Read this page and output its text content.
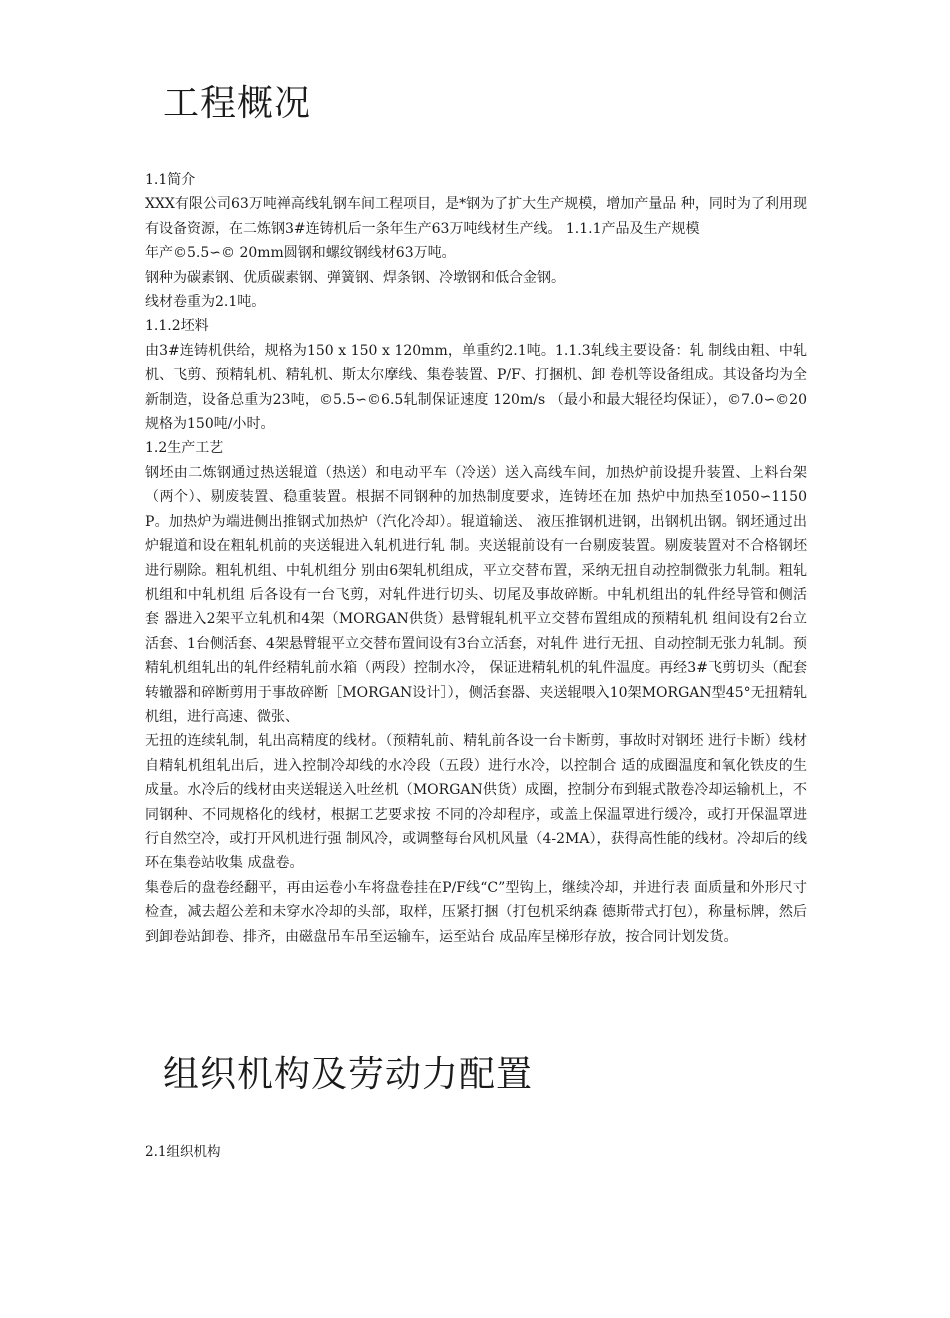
工程概况

1.1简介

XXX有限公司63万吨禅高线轧钢车间工程项目，是*钢为了扩大生产规模，增加产量品 种，同时为了利用现有设备资源，在二炼钢3#连铸机后一条年生产63万吨线材生产线。 1.1.1产品及生产规模

年产©5.5∽© 20mm圆钢和螺纹钢线材63万吨。

钢种为碳素钢、优质碳素钢、弹簧钢、焊条钢、冷墩钢和低合金钢。

线材卷重为2.1吨。

1.1.2坯料

由3#连铸机供给，规格为150 x 150 x 120mm，单重约2.1吨。1.1.3轧线主要设备：轧 制线由粗、中轧机、飞剪、预精轧机、精轧机、斯太尔摩线、集卷装置、P/F、打捆机、卸 卷机等设备组成。其设备均为全新制造，设备总重为23吨，©5.5∽©6.5轧制保证速度 120m/s （最小和最大辊径均保证），©7.0∽©20规格为150吨/小时。

1.2生产工艺

钢坯由二炼钢通过热送辊道（热送）和电动平车（冷送）送入高线车间，加热炉前设提升装置、上料台架（两个）、剔废装置、稳重装置。根据不同钢种的加热制度要求，连铸坯在加 热炉中加热至1050∽1150P。加热炉为端进侧出推钢式加热炉（汽化冷却）。辊道输送、 液压推钢机进钢，出钢机出钢。钢坯通过出炉辊道和设在粗轧机前的夹送辊进入轧机进行轧 制。夹送辊前设有一台剔废装置。剔废装置对不合格钢坯进行剔除。粗轧机组、中轧机组分 别由6架轧机组成，平立交替布置，采纳无扭自动控制微张力轧制。粗轧机组和中轧机组 后各设有一台飞剪，对轧件进行切头、切尾及事故碎断。中轧机组出的轧件经导管和侧活套 器进入2架平立轧机和4架（MORGAN供货）悬臂辊轧机平立交替布置组成的预精轧机 组间设有2台立活套、1台侧活套、4架悬臂辊平立交替布置间设有3台立活套，对轧件 进行无扭、自动控制无张力轧制。预精轧机组轧出的轧件经精轧前水箱（两段）控制水冷， 保证进精轧机的轧件温度。再经3#飞剪切头（配套转辙器和碎断剪用于事故碎断［MORGAN设计］），侧活套器、夹送辊喂入10架MORGAN型45°无扭精轧机组，进行高速、微张、

无扭的连续轧制，轧出高精度的线材。（预精轧前、精轧前各设一台卡断剪，事故时对钢坯 进行卡断）线材自精轧机组轧出后，进入控制冷却线的水冷段（五段）进行水冷，以控制合 适的成圈温度和氧化铁皮的生成量。水冷后的线材由夹送辊送入吐丝机（MORGAN供货）成圈，控制分布到辊式散卷冷却运输机上，不同钢种、不同规格化的线材，根据工艺要求按 不同的冷却程序，或盖上保温罩进行缓冷，或打开保温罩进行自然空冷，或打开风机进行强 制风冷，或调整每台风机风量（4-2MA），获得高性能的线材。冷却后的线环在集卷站收集 成盘卷。

集卷后的盘卷经翻平，再由运卷小车将盘卷挂在P/F线“C”型钩上，继续冷却，并进行表 面质量和外形尺寸检查，减去超公差和未穿水冷却的头部，取样，压紧打捆（打包机采纳森 德斯带式打包），称量标牌，然后到卸卷站卸卷、排齐，由磁盘吊车吊至运输车，运至站台 成品库呈梯形存放，按合同计划发货。

组织机构及劳动力配置

2.1组织机构
